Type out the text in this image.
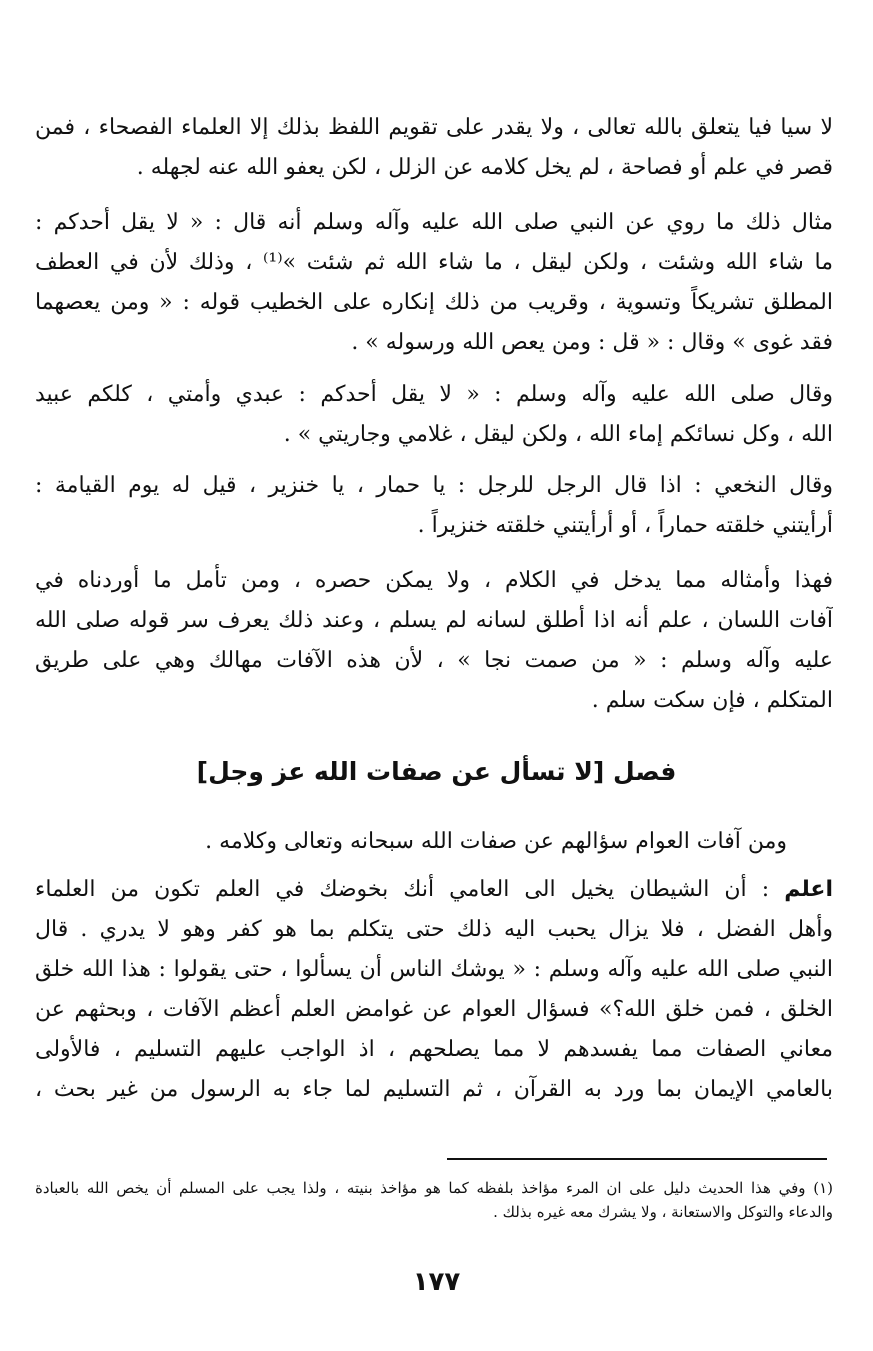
لا سيا فيا يتعلق بالله تعالى ، ولا يقدر على تقويم اللفظ بذلك إلا العلماء الفصحاء ، فمن
قصر في علم أو فصاحة ، لم يخل كلامه عن الزلل ، لكن يعفو الله عنه لجهله .
مثال ذلك ما روي عن النبي صلى الله عليه وآله وسلم أنه قال : « لا يقل أحدكم :
ما شاء الله وشئت ، ولكن ليقل ، ما شاء الله ثم شئت »⁽¹⁾ ، وذلك لأن في العطف
المطلق تشريكاً وتسوية ، وقريب من ذلك إنكاره على الخطيب قوله : « ومن يعصهما
فقد غوى » وقال : « قل : ومن يعص الله ورسوله » .
وقال صلى الله عليه وآله وسلم : « لا يقل أحدكم : عبدي وأمتي ، كلكم عبيد
الله ، وكل نسائكم إماء الله ، ولكن ليقل ، غلامي وجاريتي » .
وقال النخعي : اذا قال الرجل للرجل : يا حمار ، يا خنزير ، قيل له يوم القيامة :
أرأيتني خلقته حماراً ، أو أرأيتني خلقته خنزيراً .
فهذا وأمثاله مما يدخل في الكلام ، ولا يمكن حصره ، ومن تأمل ما أوردناه في
آفات اللسان ، علم أنه اذا أطلق لسانه لم يسلم ، وعند ذلك يعرف سر قوله صلى الله
عليه وآله وسلم : « من صمت نجا » ، لأن هذه الآفات مهالك وهي على طريق
المتكلم ، فإن سكت سلم .
فصل [لا تسأل عن صفات الله عز وجل]
ومن آفات العوام سؤالهم عن صفات الله سبحانه وتعالى وكلامه .
اعلم : أن الشيطان يخيل الى العامي أنك بخوضك في العلم تكون من العلماء
وأهل الفضل ، فلا يزال يحبب اليه ذلك حتى يتكلم بما هو كفر وهو لا يدري . قال
النبي صلى الله عليه وآله وسلم : « يوشك الناس أن يسألوا ، حتى يقولوا : هذا الله خلق
الخلق ، فمن خلق الله؟» فسؤال العوام عن غوامض العلم أعظم الآفات ، وبحثهم عن
معاني الصفات مما يفسدهم لا مما يصلحهم ، اذ الواجب عليهم التسليم ، فالأولى
بالعامي الإيمان بما ورد به القرآن ، ثم التسليم لما جاء به الرسول من غير بحث ،
(١) وفي هذا الحديث دليل على ان المرء مؤاخذ بلفظه كما هو مؤاخذ بنيته ، ولذا يجب على المسلم أن يخص الله بالعبادة
والدعاء والتوكل والاستعانة ، ولا يشرك معه غيره بذلك .
١٧٧
